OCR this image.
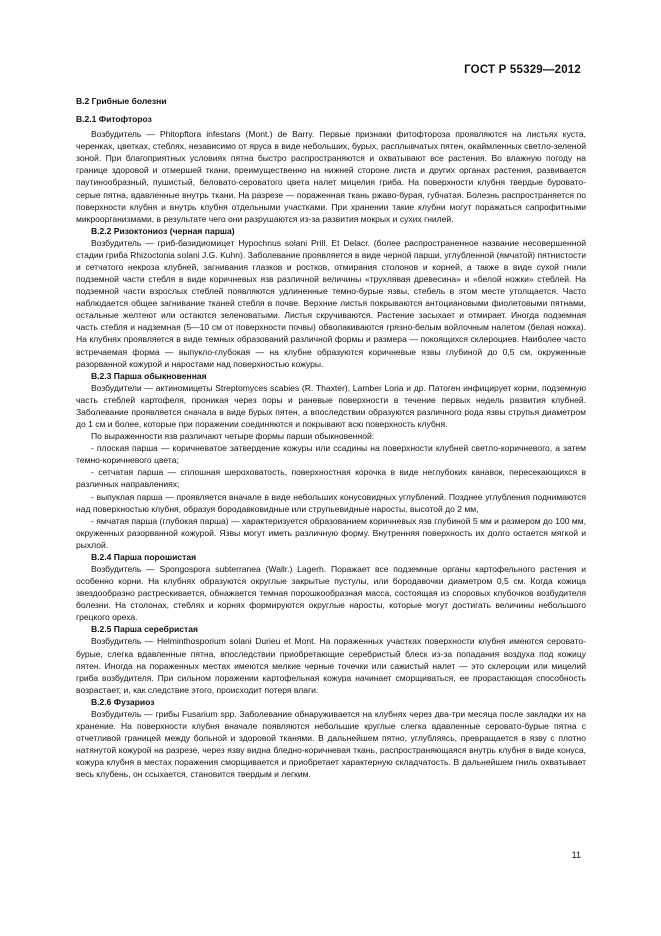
ГОСТ Р 55329—2012

В.2 Грибные болезни

В.2.1 Фитофтороз

Возбудитель — Phitopftora infestans (Mont.) de Barry. Первые признаки фитофтороза проявляются на листьях куста, черенках, цветках, стеблях, независимо от яруса в виде небольших, бурых, расплывчатых пятен, окаймленных светло-зеленой зоной. При благоприятных условиях пятна быстро распространяются и охватывают все растения. Во влажную погоду на границе здоровой и отмершей ткани, преимущественно на нижней стороне листа и других органах растения, развивается паутинообразный, пушистый, беловато-сероватого цвета налет мицелия гриба. На поверхности клубня твердые буровато-серые пятна, вдавленные внутрь ткани. На разрезе — пораженная ткань ржаво-бурая, губчатая. Болезнь распространяется по поверхности клубня и внутрь клубня отдельными участками. При хранении такие клубни могут поражаться сапрофитными микроорганизмами, в результате чего они разрушаются из-за развития мокрых и сухих гнилей.

В.2.2 Ризоктониоз (черная парша)

Возбудитель — гриб-базидиомицет Hypochnus solani Prill. Et Delacr. (более распространенное название несовершенной стадии гриба Rhizoctonia solani J.G. Kuhn). Заболевание проявляется в виде черной парши, углубленной (ямчатой) пятнистости и сетчатого некроза клубней, загнивания глазков и ростков, отмирания столонов и корней, а также в виде сухой гнили подземной части стебля в виде коричневых язв различной величины «трухлявая древесина» и «белой ножки» стеблей. На подземной части взрослых стеблей появляются удлиненные темно-бурые язвы, стебель в этом месте утолщается. Часто наблюдается общее загнивание тканей стебля в почве. Верхние листья покрываются антоциановыми фиолетовыми пятнами, остальные желтеют или остаются зеленоватыми. Листья скручиваются. Растение засыхает и отмирает. Иногда подземная часть стебля и надземная (5—10 см от поверхности почвы) обволакиваются грязно-белым войлочным налетом (белая ножка). На клубнях проявляется в виде темных образований различной формы и размера — покоящихся склероциев. Наиболее часто встречаемая форма — выпукло-глубокая — на клубне образуются коричневые язвы глубиной до 0,5 см, окруженные разорванной кожурой и наростами над поверхностью кожуры.

В.2.3 Парша обыкновенная

Возбудители — актиномицеты Streptomyces scabies (R. Thaxter), Lamber Loria и др. Патоген инфицирует корни, подземную часть стеблей картофеля, проникая через поры и раневые поверхности в течение первых недель развития клубней. Заболевание проявляется сначала в виде бурых пятен, а впоследствии образуются различного рода язвы струпья диаметром до 1 см и более, которые при поражении соединяются и покрывают всю поверхность клубня.

По выраженности язв различают четыре формы парши обыкновенной:

- плоская парша — коричневатое затвердение кожуры или ссадины на поверхности клубней светло-коричневого, а затем темно-коричневого цвета;

- сетчатая парша — сплошная шероховатость, поверхностная корочка в виде неглубоких канавок, пересекающихся в различных направлениях;

- выпуклая парша — проявляется вначале в виде небольших конусовидных углублений. Позднее углубления поднимаются над поверхностью клубня, образуя бородавковидные или струпьевидные наросты, высотой до 2 мм,

- ямчатая парша (глубокая парша) — характеризуется образованием коричневых язв глубиной 5 мм и размером до 100 мм, окруженных разорванной кожурой. Язвы могут иметь различную форму. Внутренняя поверхность их долго остается мягкой и рыхлой.

В.2.4 Парша порошистая

Возбудитель — Spongospora subterranea (Wallr.) Lagerh. Поражает все подземные органы картофельного растения и особенно корни. На клубнях образуются округлые закрытые пустулы, или бородавочки диаметром 0,5 см. Когда кожица звездообразно растрескивается, обнажается темная порошкообразная масса, состоящая из споровых клубочков возбудителя болезни. На столонах, стеблях и корнях формируются округлые наросты, которые могут достигать величины небольшого грецкого ореха.

В.2.5 Парша серебристая

Возбудитель — Helminthosporium solani Durieu et Mont. На пораженных участках поверхности клубня имеются серовато-бурые, слегка вдавленные пятна, впоследствии приобретающие серебристый блеск из-за попадания воздуха под кожицу пятен. Иногда на пораженных местах имеются мелкие черные точечки или сажистый налет — это склероции или мицелий гриба возбудителя. При сильном поражении картофельная кожура начинает сморщиваться, ее прорастающая способность возрастает, и, как следствие этого, происходит потеря влаги.

В.2.6 Фузариоз

Возбудитель — грибы Fusarium spp. Заболевание обнаруживается на клубнях через два-три месяца после закладки их на хранение. На поверхности клубня вначале появляются небольшие круглые слегка вдавленные серовато-бурые пятна с отчетливой границей между больной и здоровой тканями. В дальнейшем пятно, углубляясь, превращается в язву с плотно натянутой кожурой на разрезе, через язву видна бледно-коричневая ткань, распространяющаяся внутрь клубня в виде конуса, кожура клубня в местах поражения сморщивается и приобретает характерную складчатость. В дальнейшем гниль охватывает весь клубень, он ссыхается, становится твердым и легким.

11
